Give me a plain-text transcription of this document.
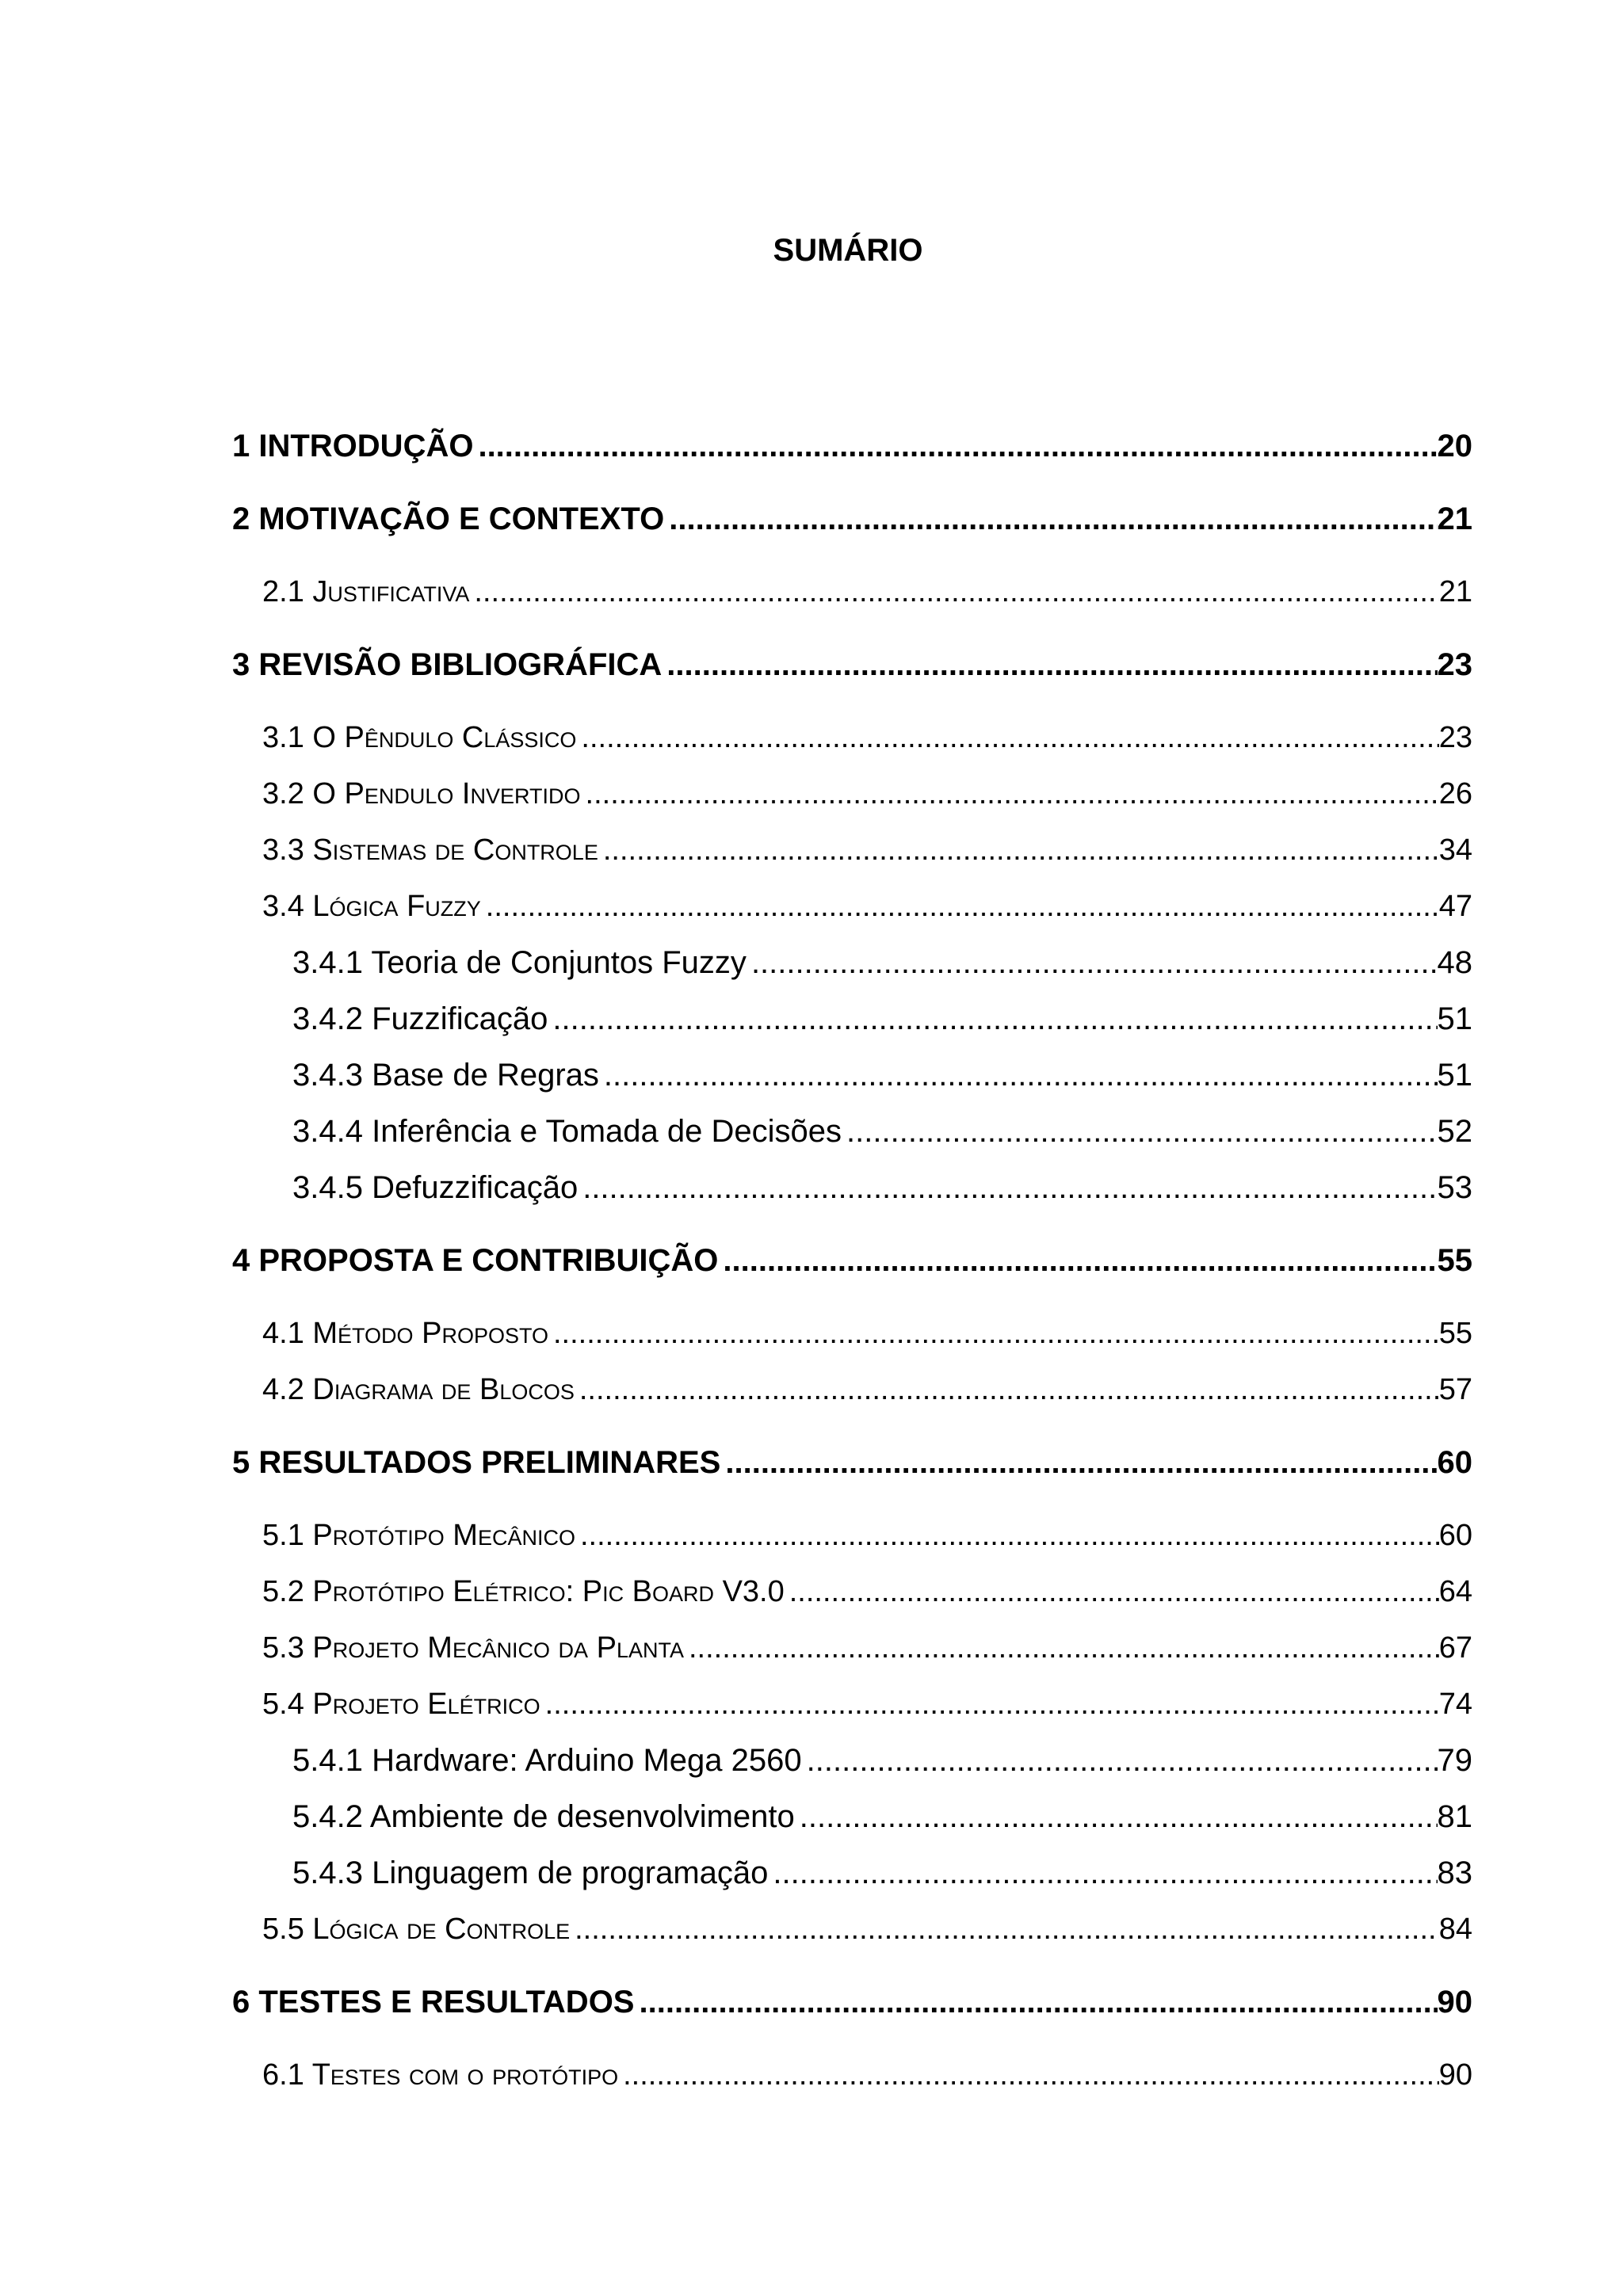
SUMÁRIO
1 INTRODUÇÃO .....	20
2 MOTIVAÇÃO E CONTEXTO .....	21
2.1 Justificativa .....	21
3 REVISÃO BIBLIOGRÁFICA .....	23
3.1 O Pêndulo Clássico .....	23
3.2 O Pendulo Invertido .....	26
3.3 Sistemas de Controle .....	34
3.4 Lógica Fuzzy .....	47
3.4.1 Teoria de Conjuntos Fuzzy .....	48
3.4.2 Fuzzificação .....	51
3.4.3 Base de Regras .....	51
3.4.4 Inferência e Tomada de Decisões .....	52
3.4.5 Defuzzificação .....	53
4 PROPOSTA E CONTRIBUIÇÃO .....	55
4.1 Método Proposto .....	55
4.2 Diagrama de Blocos .....	57
5 RESULTADOS PRELIMINARES .....	60
5.1 Protótipo Mecânico .....	60
5.2 Protótipo Elétrico: Pic Board V3.0 .....	64
5.3 Projeto Mecânico da Planta .....	67
5.4 Projeto Elétrico .....	74
5.4.1 Hardware: Arduino Mega 2560 .....	79
5.4.2 Ambiente de desenvolvimento .....	81
5.4.3 Linguagem de programação .....	83
5.5 Lógica de Controle .....	84
6 TESTES E RESULTADOS .....	90
6.1 Testes com o protótipo .....	90
